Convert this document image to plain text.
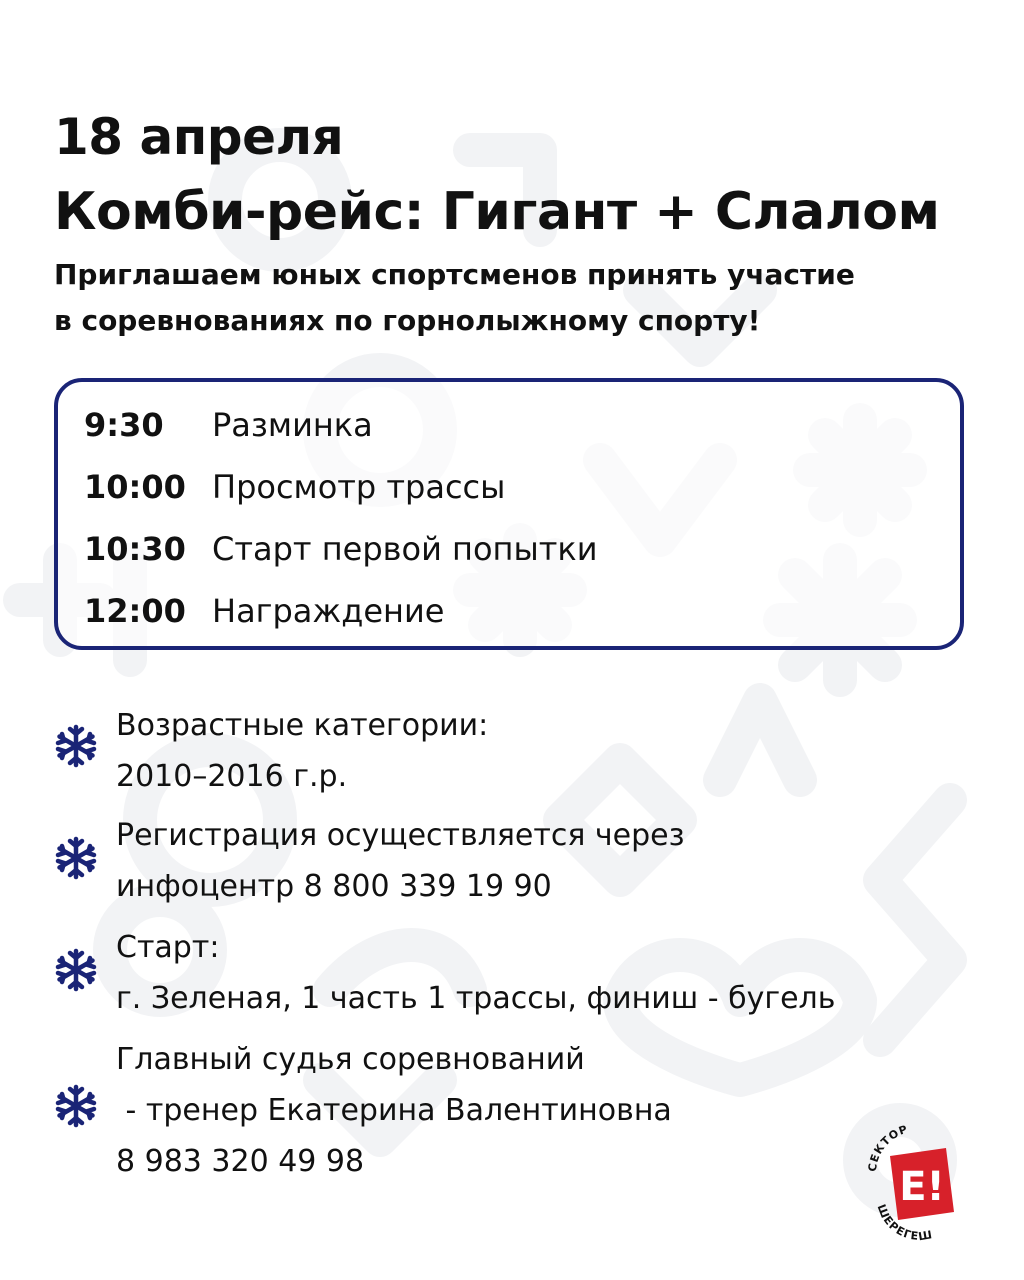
18 апреля
Комби-рейс: Гигант + Слалом
Приглашаем юных спортсменов принять участие
в соревнованиях по горнолыжному спорту!
9:30	Разминка
10:00 Просмотр трассы
10:30 Старт первой попытки
12:00 Награждение
Возрастные категории:
2010–2016 г.р.
Регистрация осуществляется через
инфоцентр 8 800 339 19 90
Старт:
г. Зеленая, 1 часть 1 трассы, финиш - бугель
Главный судья соревнований
- тренер Екатерина Валентиновна
8 983 320 49 98	СЕКТОР
E!
ШЕРЕГЕШ
